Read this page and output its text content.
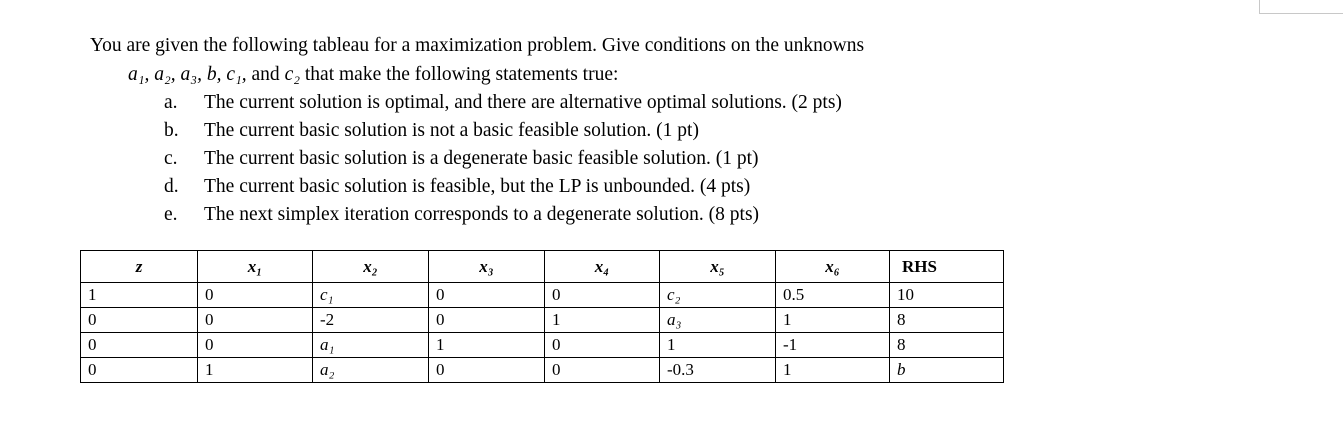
You are given the following tableau for a maximization problem. Give conditions on the unknowns
a₁, a₂, a₃, b, c₁, and c₂ that make the following statements true:
a.	The current solution is optimal, and there are alternative optimal solutions. (2 pts)
b.	The current basic solution is not a basic feasible solution. (1 pt)
c.	The current basic solution is a degenerate basic feasible solution. (1 pt)
d.	The current basic solution is feasible, but the LP is unbounded. (4 pts)
e.	The next simplex iteration corresponds to a degenerate solution. (8 pts)
z	x₁	x₂	x₃	x₄	x₅	x₆	RHS
1	0	c₁	0	0	c₂	0.5	10
0	0	-2	0	1	a₃	1	8
0	0	a₁	1	0	1	-1	8
0	1	a₂	0	0	-0.3	1	b
